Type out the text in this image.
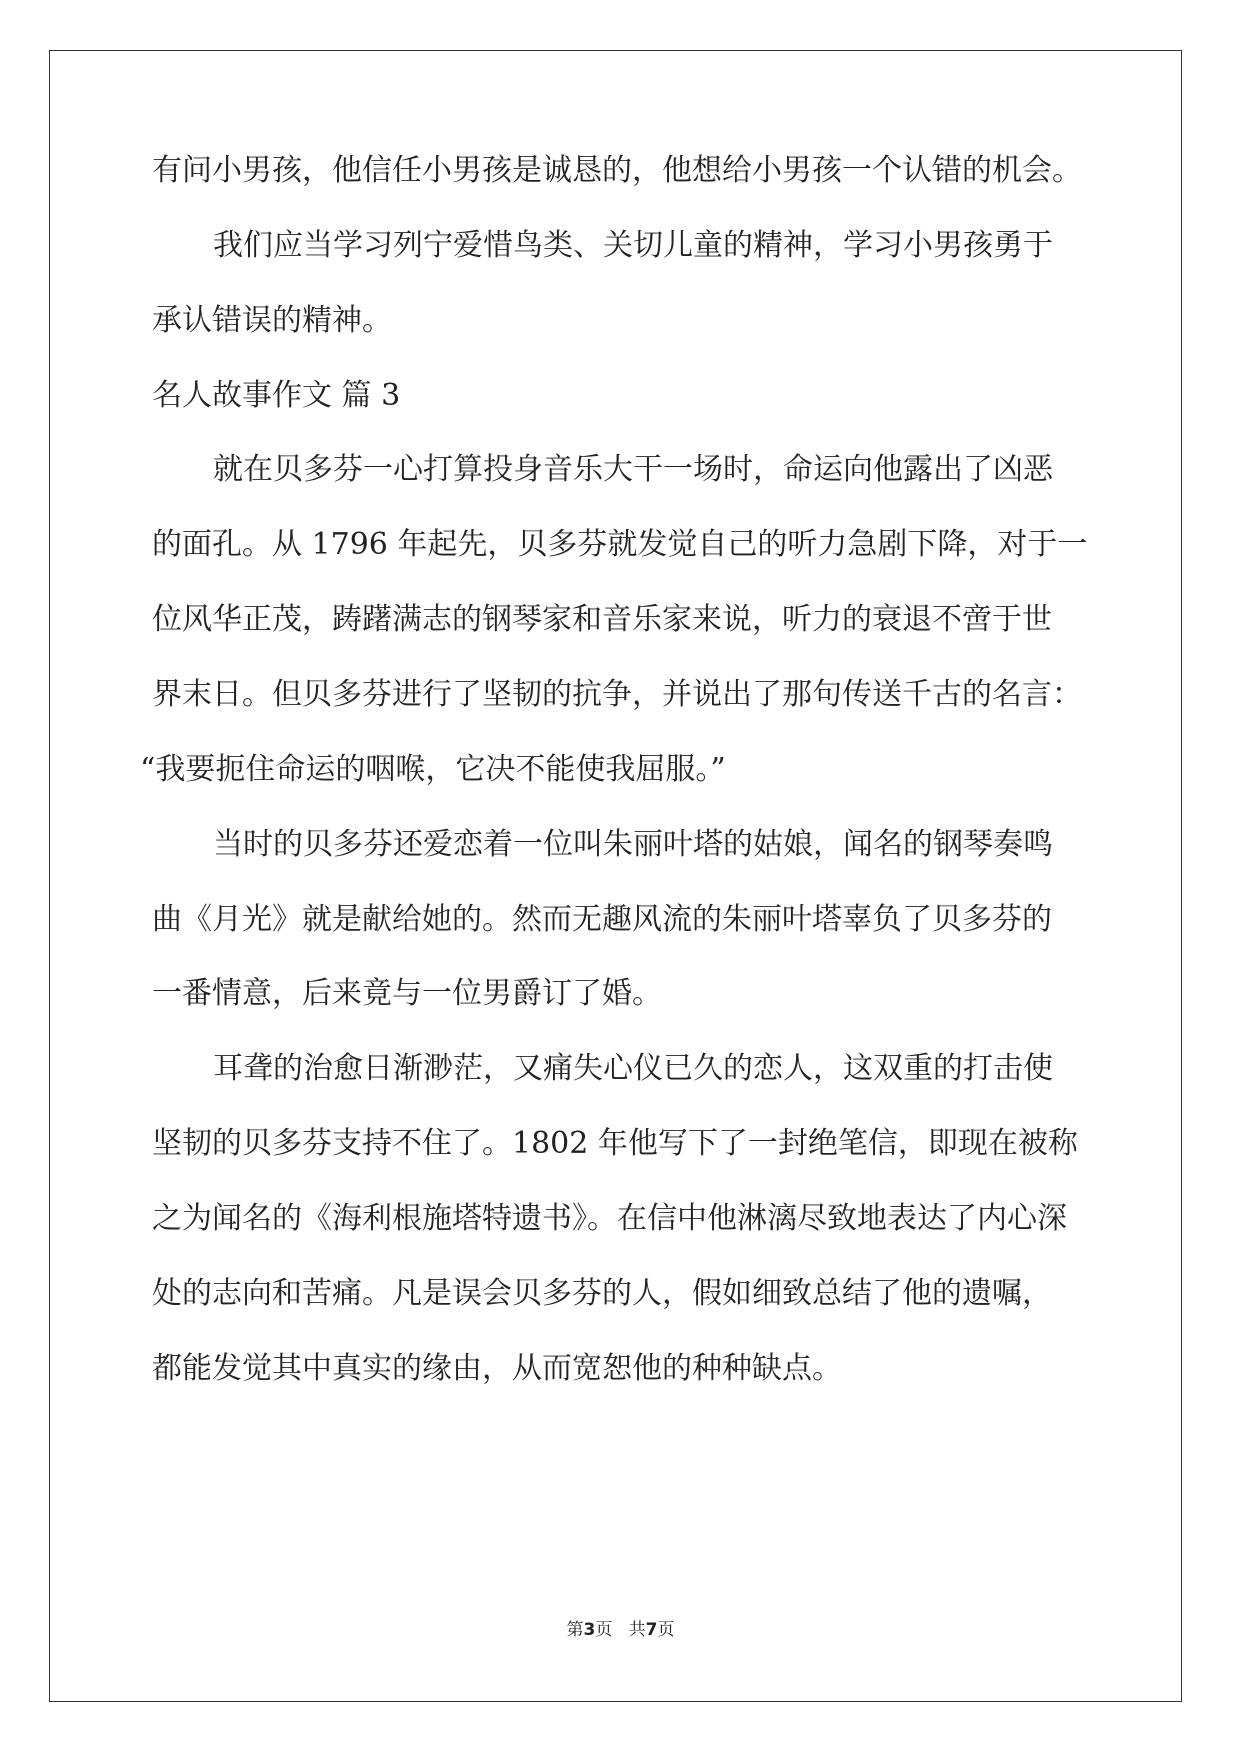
有问小男孩，他信任小男孩是诚恳的，他想给小男孩一个认错的机会。

我们应当学习列宁爱惜鸟类、关切儿童的精神，学习小男孩勇于

承认错误的精神。

名人故事作文 篇 3

就在贝多芬一心打算投身音乐大干一场时，命运向他露出了凶恶

的面孔。从 1796 年起先，贝多芬就发觉自己的听力急剧下降，对于一

位风华正茂，踌躇满志的钢琴家和音乐家来说，听力的衰退不啻于世

界末日。但贝多芬进行了坚韧的抗争，并说出了那句传送千古的名言：

“我要扼住命运的咽喉，它决不能使我屈服。”

当时的贝多芬还爱恋着一位叫朱丽叶塔的姑娘，闻名的钢琴奏鸣

曲《月光》就是献给她的。然而无趣风流的朱丽叶塔辜负了贝多芬的

一番情意，后来竟与一位男爵订了婚。

耳聋的治愈日渐渺茫，又痛失心仪已久的恋人，这双重的打击使

坚韧的贝多芬支持不住了。1802 年他写下了一封绝笔信，即现在被称

之为闻名的《海利根施塔特遗书》。在信中他淋漓尽致地表达了内心深

处的志向和苦痛。凡是误会贝多芬的人，假如细致总结了他的遗嘱，

都能发觉其中真实的缘由，从而宽恕他的种种缺点。

第3页   共7页
